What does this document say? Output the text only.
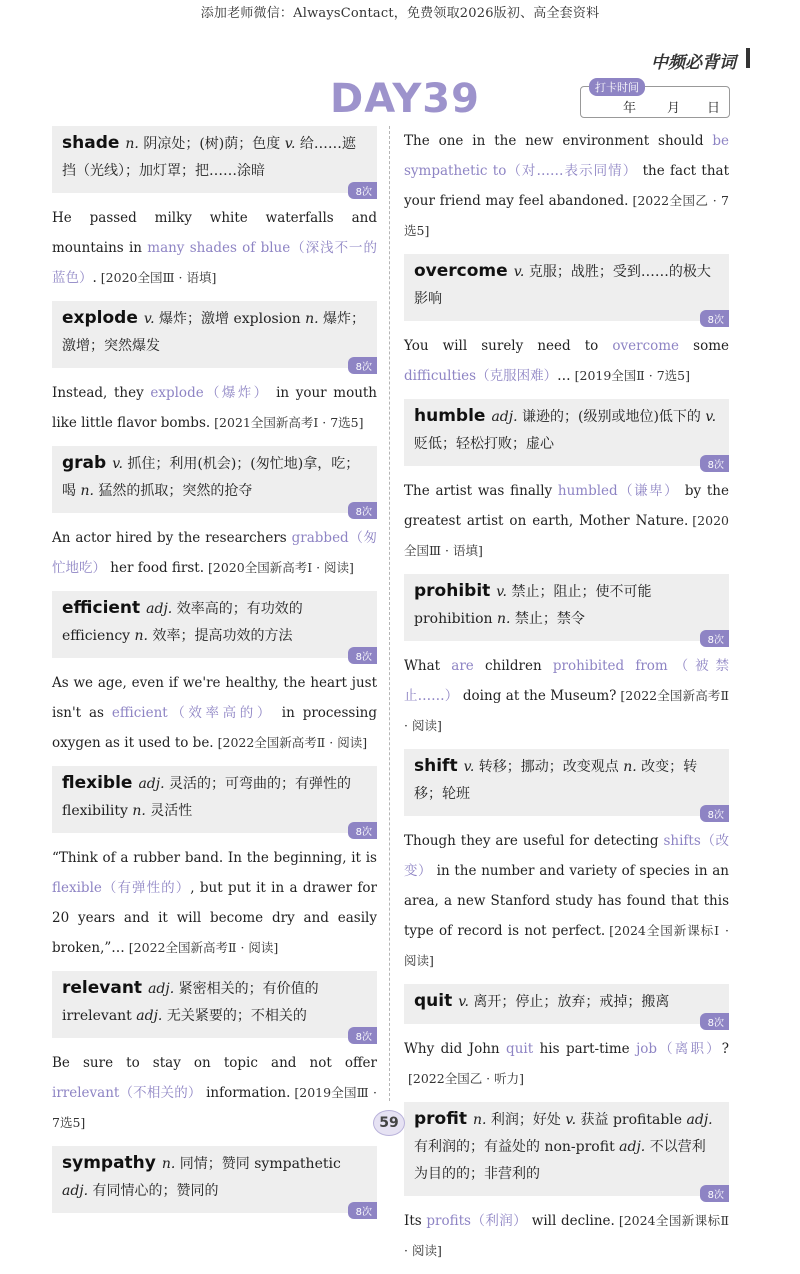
添加老师微信：AlwaysContact，免费领取2026版初、高全套资料
中频必背词
DAY39	打卡时间
年 月 日
shade n. 阴凉处；(树)荫；色度 v. 给……遮挡（光线）；加灯罩；把……涂暗
8次
He passed milky white waterfalls and mountains in many shades of blue（深浅不一的蓝色）. [2020全国Ⅲ · 语填]
explode v. 爆炸；激增 explosion n. 爆炸；激增；突然爆发
8次
Instead, they explode（爆炸） in your mouth like little flavor bombs. [2021全国新高考Ⅰ · 7选5]
grab v. 抓住；利用(机会)；(匆忙地)拿，吃；喝 n. 猛然的抓取；突然的抢夺
8次
An actor hired by the researchers grabbed（匆忙地吃） her food first. [2020全国新高考Ⅰ · 阅读]
efficient adj. 效率高的；有功效的 efficiency n. 效率；提高功效的方法
8次
As we age, even if we're healthy, the heart just isn't as efficient（效率高的） in processing oxygen as it used to be. [2022全国新高考Ⅱ · 阅读]
flexible adj. 灵活的；可弯曲的；有弹性的 flexibility n. 灵活性
8次
“Think of a rubber band. In the beginning, it is flexible（有弹性的）, but put it in a drawer for 20 years and it will become dry and easily broken,”… [2022全国新高考Ⅱ · 阅读]
relevant adj. 紧密相关的；有价值的 irrelevant adj. 无关紧要的；不相关的
8次
Be sure to stay on topic and not offer irrelevant（不相关的） information. [2019全国Ⅲ · 7选5]
sympathy n. 同情；赞同 sympathetic adj. 有同情心的；赞同的
8次
The one in the new environment should be sympathetic to（对……表示同情） the fact that your friend may feel abandoned. [2022全国乙 · 7选5]
overcome v. 克服；战胜；受到……的极大影响
8次
You will surely need to overcome some difficulties（克服困难）… [2019全国Ⅱ · 7选5]
humble adj. 谦逊的；(级别或地位)低下的 v. 贬低；轻松打败；虚心
8次
The artist was finally humbled（谦卑） by the greatest artist on earth, Mother Nature. [2020全国Ⅲ · 语填]
prohibit v. 禁止；阻止；使不可能 prohibition n. 禁止；禁令
8次
What are children prohibited from（被禁止……） doing at the Museum? [2022全国新高考Ⅱ · 阅读]
shift v. 转移；挪动；改变观点 n. 改变；转移；轮班
8次
Though they are useful for detecting shifts（改变） in the number and variety of species in an area, a new Stanford study has found that this type of record is not perfect. [2024全国新课标Ⅰ · 阅读]
quit v. 离开；停止；放弃；戒掉；搬离
8次
Why did John quit his part-time job（离职）?[2022全国乙 · 听力]
profit n. 利润；好处 v. 获益 profitable adj. 有利润的；有益处的 non-profit adj. 不以营利为目的的；非营利的
8次
Its profits（利润） will decline. [2024全国新课标Ⅱ · 阅读]
59
